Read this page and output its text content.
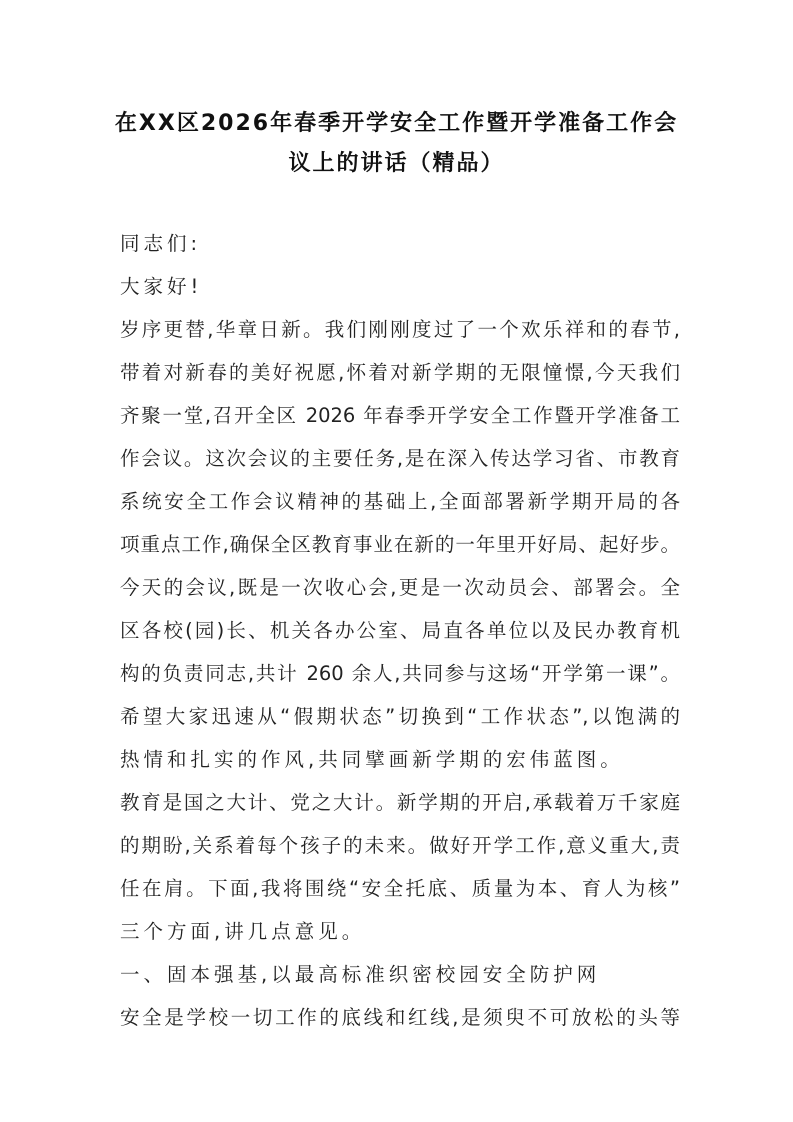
在XX区2026年春季开学安全工作暨开学准备工作会
议上的讲话（精品）
同志们:
大家好!
岁序更替,华章日新。我们刚刚度过了一个欢乐祥和的春节,
带着对新春的美好祝愿,怀着对新学期的无限憧憬,今天我们
齐聚一堂,召开全区 2026 年春季开学安全工作暨开学准备工
作会议。这次会议的主要任务,是在深入传达学习省、市教育
系统安全工作会议精神的基础上,全面部署新学期开局的各
项重点工作,确保全区教育事业在新的一年里开好局、起好步。
今天的会议,既是一次收心会,更是一次动员会、部署会。全
区各校(园)长、机关各办公室、局直各单位以及民办教育机
构的负责同志,共计 260 余人,共同参与这场“开学第一课”。
希望大家迅速从“假期状态”切换到“工作状态”,以饱满的
热情和扎实的作风,共同擘画新学期的宏伟蓝图。
教育是国之大计、党之大计。新学期的开启,承载着万千家庭
的期盼,关系着每个孩子的未来。做好开学工作,意义重大,责
任在肩。下面,我将围绕“安全托底、质量为本、育人为核”
三个方面,讲几点意见。
一、固本强基,以最高标准织密校园安全防护网
安全是学校一切工作的底线和红线,是须臾不可放松的头等
